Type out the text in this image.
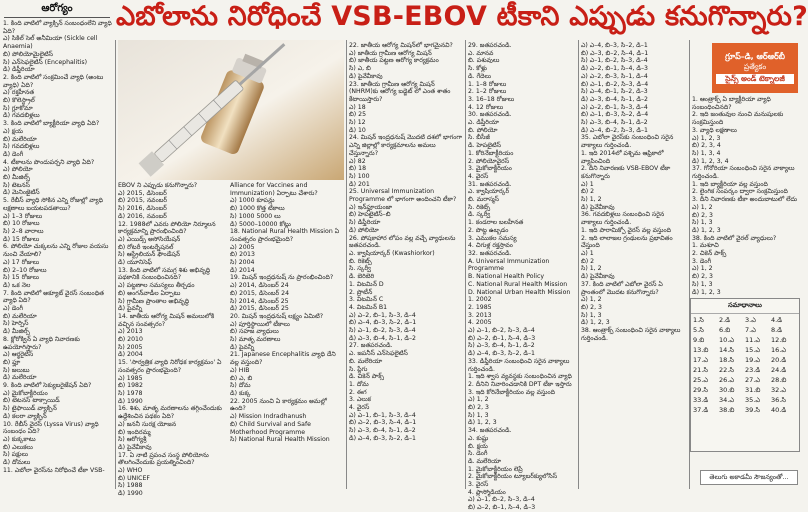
ఆరోగ్యం
1. కింది వాటిలో వ్యాక్సిన్ సంబంధంలేని వ్యాధి ఏది?
ఎ) సికిల్ సెల్ అనీమియా (Sickle cell Anaemia)
బి) పోలియోమైలైటిస్
సి) ఎన్‌సెఫలైటిస్ (Encephalitis)
డి) డిఫ్తీరియా
2. కింది వాటిలో సంక్రమించే వ్యాధి (అంటు వ్యాధి) ఏది?
ఎ) రక్తహీనత
బి) కొలెస్ట్రాల్
సి) గ్లూకోమా
డి) గవదబిళ్లలు
3. కింది వాటిలో బ్యాక్టీరియా వ్యాధి ఏది?
ఎ) క్షయ
బి) మలేరియా
సి) గవదబిళ్లలు
డి) డెంగీ
4. టీకాలను పొందుపర్చని వ్యాధి ఏది?
ఎ) పోలియో
బి) మీజిల్స్
సి) టెటనస్
డి) మెనింజైటిస్
5. రేబీస్ వ్యాధి సోకిన ఎన్ని రోజుల్లో వ్యాధి లక్షణాలు బయటపడతాయి?
ఎ) 1–3 రోజులు
బి) 10 రోజులు
సి) 2–8 వారాలు
డి) 15 రోజులు
6. పోలియో చుక్కలను ఎన్ని రోజుల వయసు నుంచి వేయాలి?
ఎ) 17 రోజులు
బి) 2–10 రోజులు
సి) 15 రోజులు
డి) ఒక నెల
7. కింది వాటిలో అక్యూట్ వైరస్ సంబంధిత వ్యాధి ఏది?
ఎ) డెంగీ
బి) మలేరియా
సి) హెర్పిస్
డి) మీజిల్స్
8. క్లోరోక్విన్ ఏ వ్యాధి నివారణకు ఉపయోగిస్తారు?
ఎ) ఆర్థరైటిస్
బి) ఫ్లూ
సి) జలుబు
డి) మలేరియా
9. కింది వాటిలో సెక్యుబరైజేషన్ ఏది?
ఎ) మైకోబాక్టీరియం
బి) టెటనస్ టాక్సాయిడ్
సి) టైఫాయిడ్ వ్యాక్సిన్
డి) కలరా వ్యాక్సిన్
10. రేబీస్ వైరస్ (Lyssa Virus) వ్యాధి సంబంధం ఏది?
ఎ) కుక్కకాటు
బి) ఎలుకలు
సి) పక్షులు
డి) దోమలు
11. ఎబోలా వైరస్‌ను నిరోధించే టీకా VSB-
ఎబోలాను నిరోధించే VSB-EBOV టీకాని ఎప్పుడు కనుగొన్నారు?
EBOV ని ఎప్పుడు కనుగొన్నారు?
ఎ) 2015, డిసెంబర్
బి) 2015, నవంబర్
సి) 2016, డిసెంబర్
డి) 2016, నవంబర్
12. 1988లో ఎవరు పోలియో నిర్మూలన కార్యక్రమాన్ని ప్రారంభించింది?
ఎ) ఎయిడ్స్ అసోసియేషన్
బి) రోటరీ ఇంటర్నేషనల్
సి) ఆస్ట్రేలియన్ ఫౌండేషన్
డి) యూనిసెఫ్
13. కింది వాటిలో సమగ్ర శిశు అభివృద్ధి పథకానికి సంబంధించినది?
ఎ) పట్టణాల సమస్యలు తీర్చడం
బి) అంగన్‌వాడీల ఏర్పాటు
సి) గ్రామీణ ప్రాంతాల అభివృద్ధి
డి) పైవన్నీ
14. జాతీయ ఆరోగ్య మిషన్ అమలులోకి వచ్చిన సంవత్సరం?
ఎ) 2013
బి) 2010
సి) 2005
డి) 2004
15. 'సార్వత్రిక వ్యాధి నిరోధక కార్యక్రమం' ఏ సంవత్సరం ప్రారంభమైంది?
ఎ) 1985
బి) 1982
సి) 1978
డి) 1990
16. శిశు, మాతృ మరణాలను తగ్గించేందుకు ఉద్దేశించిన పథకం ఏది?
ఎ) జననీ సురక్ష యోజన
బి) ఇందిరమ్మ
సి) ఆరోగ్యశ్రీ
డి) పైవేవీకావు
17. ఏ నాటి ప్రపంచ సంస్థ పోలియోను తొలగించేందుకు ప్రయత్నించింది?
ఎ) WHO
బి) UNICEF
సి) 1988
డి) 1990
Alliance for Vaccines and Immunization) ఏర్పాటు చేశారు?
ఎ) 1000 కూపన్లు
బి) 1000 కొత్త టీకాలు
సి) 1000 5000 లు
డి) 5000–10000 కోట్లు
18. National Rural Health Mission ఏ సంవత్సరం ప్రారంభమైంది?
ఎ) 2005
బి) 2013
సి) 2004
డి) 2014
19. మిషన్ ఇంద్రధనుష్ ను ప్రారంభించింది?
ఎ) 2014, డిసెంబర్ 24
బి) 2015, డిసెంబర్ 24
సి) 2014, డిసెంబర్ 25
డి) 2015, డిసెంబర్ 25
20. మిషన్ ఇంద్రధనుష్ లక్ష్యం ఏమిటి?
ఎ) పూర్తిస్థాయిలో టీకాలు
బి) సహజ వ్యాధులు
సి) మాతృ మరణాలు
డి) పైవన్నీ
21. Japanese Encephalitis వ్యాధి దేని వల్ల వస్తుంది?
ఎ) HIB
బి) ఎ, బి
సి) దోమ
డి) కుక్క
22. 2005 నుంచి ఏ కార్యక్రమం అమల్లో ఉంది?
ఎ) Mission Indradhanush
బి) Child Survival and Safe Motherhood Programme
సి) National Rural Health Mission
22. జాతీయ ఆరోగ్య మిషన్‌లో భాగమైనవి?
ఎ) జాతీయ గ్రామీణ ఆరోగ్య మిషన్
బి) జాతీయ పట్టణ ఆరోగ్య కార్యక్రమం
సి) ఎ, బి
డి) పైవేవీకావు
23. జాతీయ గ్రామీణ ఆరోగ్య మిషన్ (NHRM)కు ఆరోగ్య బడ్జెట్ లో ఎంత శాతం కేటాయిస్తారు?
ఎ) 18
బి) 25
సి) 12
డి) 10
24. మిషన్ ఇంద్రధనుష్ మొదటి దశలో భాగంగా ఎన్ని జిల్లాల్లో కార్యక్రమాలను అమలు చేస్తున్నారు?
ఎ) 82
బి) 18
సి) 100
డి) 201
25. Universal Immunization Programme లో భాగంగా అందించని టీకా?
ఎ) ఇన్‌ఫ్లూయంజా
బి) హెపటైటిస్–బి
సి) డిఫ్తీరియా
డి) పోలియో
26. పోషకాహార లోపం వల్ల వచ్చే వ్యాధులను జతపరచండి.
ఎ. క్వాషియార్కర్ (Kwashiorkor)
బి. రికెట్స్
సి. స్కర్వీ
డి. బెరిబెరి
1. విటమిన్ D
2. ప్రొటీన్
3. విటమిన్ C
4. విటమిన్ B1
ఎ) ఎ–2, బి–1, సి–3, డి–4
బి) ఎ–4, బి–3, సి–2, డి–1
సి) ఎ–1, బి–2, సి–3, డి–4
డి) ఎ–3, బి–4, సి–1, డి–2
27. జతపరచండి.
ఎ. జపనీస్ ఎన్‌సెఫలైటిస్
బి. మలేరియా
సి. ప్లేగు
డి. చికెన్ పాక్స్
1. దోమ
2. ఈగ
3. ఎలుక
4. వైరస్
ఎ) ఎ–1, బి–1, సి–3, డి–4
బి) ఎ–2, బి–3, సి–4, డి–1
సి) ఎ–3, బి–4, సి–1, డి–2
డి) ఎ–4, బి–3, సి–2, డి–1
29. జతపరచండి.
ఎ. మానవ
బి. పశువులు
సి. కోళ్లు
డి. గేదెలు
1. 1–8 రోజులు
2. 1–2 రోజులు
3. 16–18 రోజులు
4. 12 రోజులు
30. జతపరచండి.
ఎ. డిప్తీరియా
బి. పోలియో
సి. బీసీజీ
డి. హెపటైటిస్
1. కోరినేబాక్టీరియం
2. పోలియోవైరస్
3. మైకోబాక్టీరియం
4. వైరస్
31. జతపరచండి.
ఎ. క్వాషియార్కర్
బి. మరాస్మస్
సి. రికెట్స్
డి. స్కర్వీ
1. కండరాల బలహీనత
2. పొట్ట ఉబ్బడం
3. ఎముకల సమస్య
4. చిగుళ్ల రక్తస్రావం
32. జతపరచండి.
A. Universal Immunization Programme
B. National Health Policy
C. National Rural Health Mission
D. National Urban Health Mission
1. 2002
2. 1985
3. 2013
4. 2005
ఎ) ఎ–1, బి–2, సి–3, డి–4
బి) ఎ–2, బి–1, సి–4, డి–3
సి) ఎ–3, బి–4, సి–1, డి–2
డి) ఎ–4, బి–3, సి–2, డి–1
33. డిఫ్తీరియా సంబంధించి సరైన వాక్యాలు గుర్తించండి.
1. ఇది శ్వాస వ్యవస్థకు సంబంధించిన వ్యాధి
2. దీనిని నివారించడానికి DPT టీకా ఇస్తారు
3. ఇది కోరినేబాక్టీరియం వల్ల వస్తుంది
ఎ) 1, 2
బి) 2, 3
సి) 1, 3
డి) 1, 2, 3
34. జతపరచండి.
ఎ. కుష్టు
బి. క్షయ
సి. డెంగీ
డి. మలేరియా
1. మైకోబాక్టీరియం లెప్రే
2. మైకోబాక్టీరియం ట్యూబర్‌క్యులోసిస్
3. వైరస్
4. ప్లాస్మోడియం
ఎ) ఎ–1, బి–2, సి–3, డి–4
బి) ఎ–2, బి–1, సి–4, డి–3
ఎ) ఎ–4, బి–3, సి–2, డి–1
బి) ఎ–3, బి–2, సి–4, డి–1
సి) ఎ–1, బి–2, సి–3, డి–4
డి) ఎ–2, బి–1, సి–4, డి–3
ఎ) ఎ–2, బి–3, సి–1, డి–4
బి) ఎ–1, బి–2, సి–3, డి–4
సి) ఎ–4, బి–1, సి–2, డి–3
డి) ఎ–3, బి–4, సి–1, డి–2
ఎ) ఎ–2, బి–1, సి–3, డి–4
బి) ఎ–1, బి–3, సి–2, డి–4
సి) ఎ–3, బి–4, సి–1, డి–2
డి) ఎ–4, బి–2, సి–3, డి–1
35. ఎబోలా వైరస్‌కు సంబంధించి సరైన వాక్యాలు గుర్తించండి.
1. ఇది 2014లో పశ్చిమ ఆఫ్రికాలో వ్యాపించింది
2. దీని నివారణకు VSB-EBOV టీకా కనుగొన్నారు
ఎ) 1
బి) 2
సి) 1, 2
డి) పైవేవీకావు
36. గవదబిళ్లలు సంబంధించి సరైన వాక్యాలు గుర్తించండి.
1. ఇది పారామిక్సో వైరస్ వల్ల వస్తుంది
2. ఇది లాలాజల గ్రంథులను ప్రభావితం చేస్తుంది
ఎ) 1
బి) 2
సి) 1, 2
డి) పైవేవీకావు
37. కింది వాటిలో ఎబోలా వైరస్ ఏ ప్రాంతంలో మొదట కనుగొన్నారు?
ఎ) 1, 2
బి) 2, 3
సి) 1, 3
డి) 1, 2, 3
38. ఆంత్రాక్స్ సంబంధించి సరైన వాక్యాలు గుర్తించండి.
గ్రూప్–డి, ఆర్ఆర్‌బీ
ప్రత్యేకం
సైన్స్ అండ్ టెక్నాలజీ
1. ఆంత్రాక్స్ ఏ బ్యాక్టీరియా వ్యాధి సంబంధించినది?
2. ఇది జంతువుల నుంచి మనుషులకు సంక్రమిస్తుంది
3. వ్యాధి లక్షణాలు
ఎ) 1, 2, 3
బి) 2, 3, 4
సి) 1, 3, 4
డి) 1, 2, 3, 4
37. గోనోరియా సంబంధించి సరైన వాక్యాలు గుర్తించండి.
1. ఇది బ్యాక్టీరియా వల్ల వస్తుంది
2. లైంగిక సంపర్కం ద్వారా సంక్రమిస్తుంది
3. దీని నివారణకు టీకా అందుబాటులో లేదు
ఎ) 1, 2
బి) 2, 3
సి) 1, 3
డి) 1, 2, 3
38. కింది వాటిలో వైరల్ వ్యాధులు?
1. మశూచి
2. చికెన్ పాక్స్
3. డెంగీ
ఎ) 1, 2
బి) 2, 3
సి) 1, 3
డి) 1, 2, 3
సమాధానాలు
1.సి	2.డి	3.ఎ	4.డి
5.సి	6.బి	7.ఎ	8.డి
9.బి	10.ఎ	11.ఎ	12.బి
13.బి	14.సి	15.ఎ	16.ఎ
17.ఎ	18.సి	19.ఎ	20.డి
21.సి	22.సి	23.డి	24.డి
25.ఎ	26.ఎ	27.ఎ	28.బి
29.సి	30.బి	31.బి	32.ఎ
33.డి	34.ఎ	35.ఎ	36.సి
37.డి	38.బి	39.సి	40.డి
తెలుగు అకాడమీ సౌజన్యంతో...
